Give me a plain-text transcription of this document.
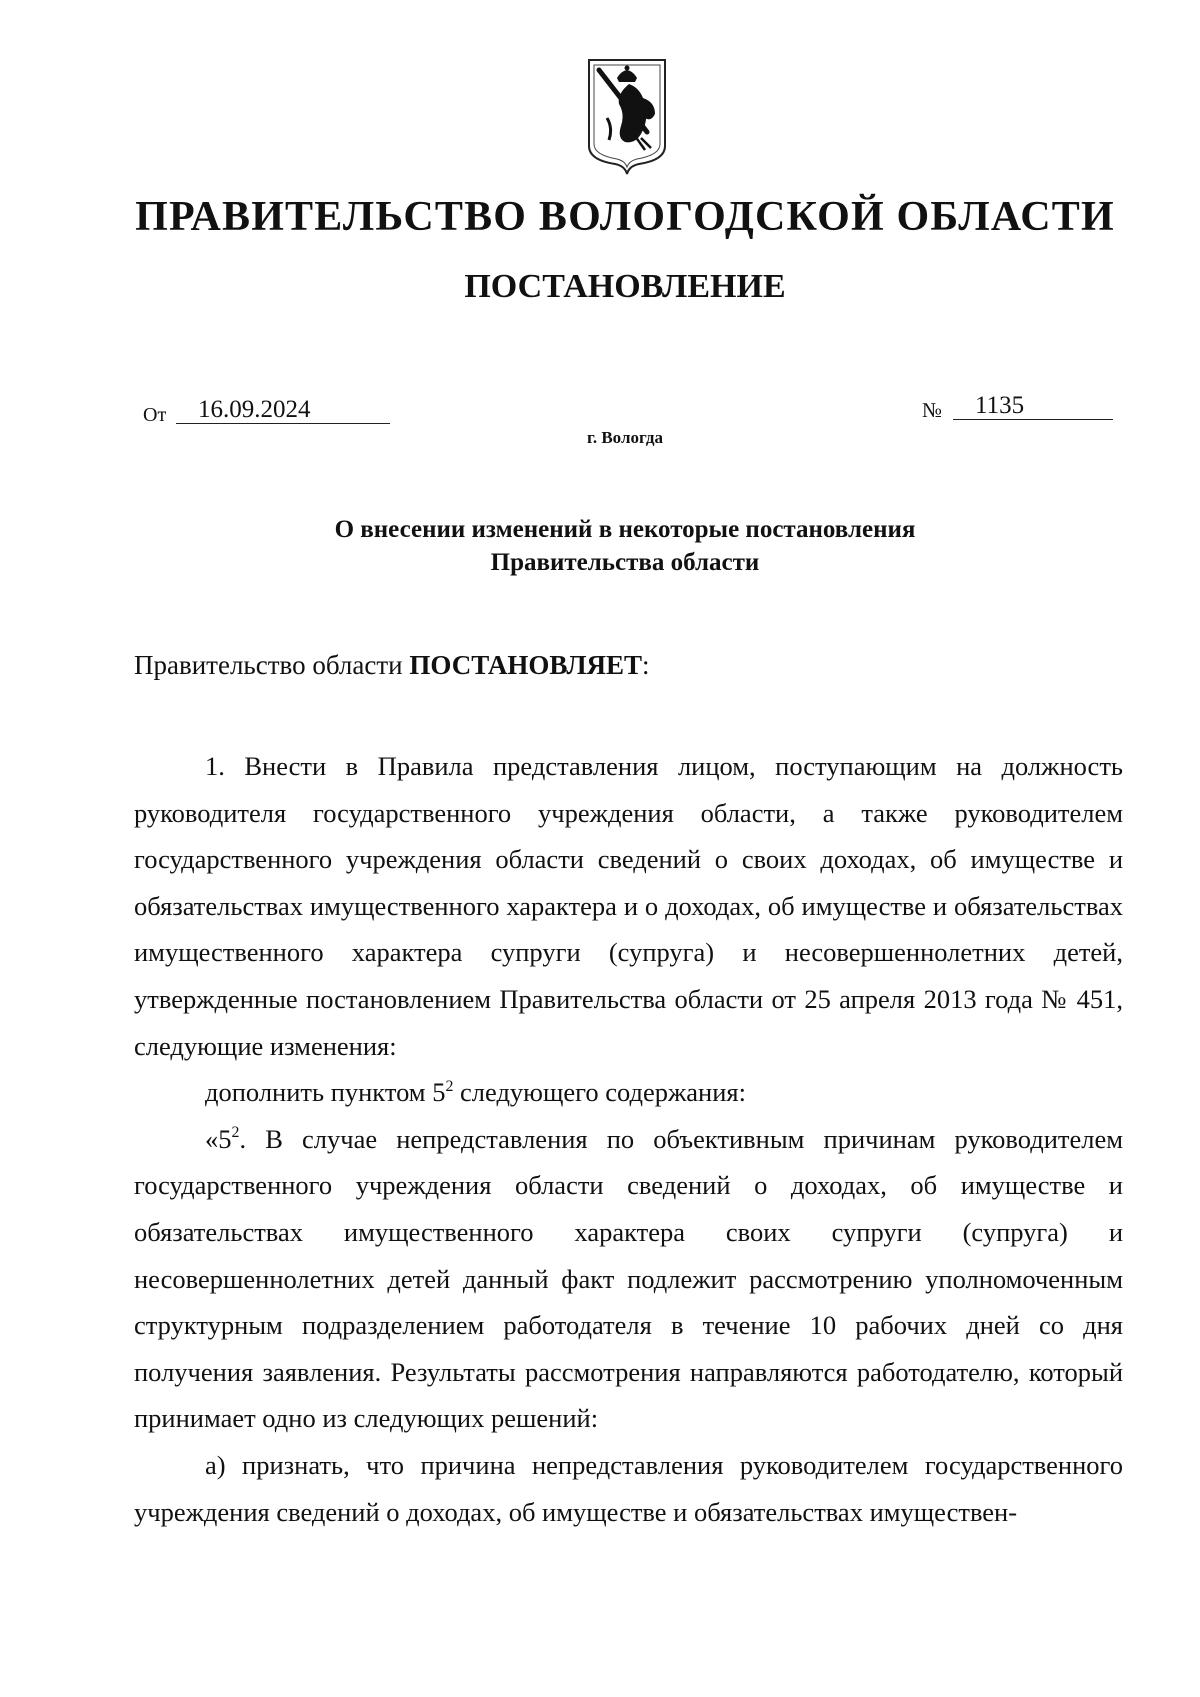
ПРАВИТЕЛЬСТВО ВОЛОГОДСКОЙ ОБЛАСТИ
ПОСТАНОВЛЕНИЕ
От 16.09.2024	№ 1135
г. Вологда
О внесении изменений в некоторые постановления
Правительства области
Правительство области ПОСТАНОВЛЯЕТ:

1. Внести в Правила представления лицом, поступающим на должность руководителя государственного учреждения области, а также руководителем государственного учреждения области сведений о своих доходах, об имуществе и обязательствах имущественного характера и о доходах, об имуществе и обязательствах имущественного характера супруги (супруга) и несовершеннолетних детей, утвержденные постановлением Правительства области от 25 апреля 2013 года № 451, следующие изменения:

дополнить пунктом $5^2$ следующего содержания:

«$5^2$. В случае непредставления по объективным причинам руководителем государственного учреждения области сведений о доходах, об имуществе и обязательствах имущественного характера своих супруги (супруга) и несовершеннолетних детей данный факт подлежит рассмотрению уполномоченным структурным подразделением работодателя в течение 10 рабочих дней со дня получения заявления. Результаты рассмотрения направляются работодателю, который принимает одно из следующих решений:

а) признать, что причина непредставления руководителем государственного учреждения сведений о доходах, об имуществе и обязательствах имуществен-
